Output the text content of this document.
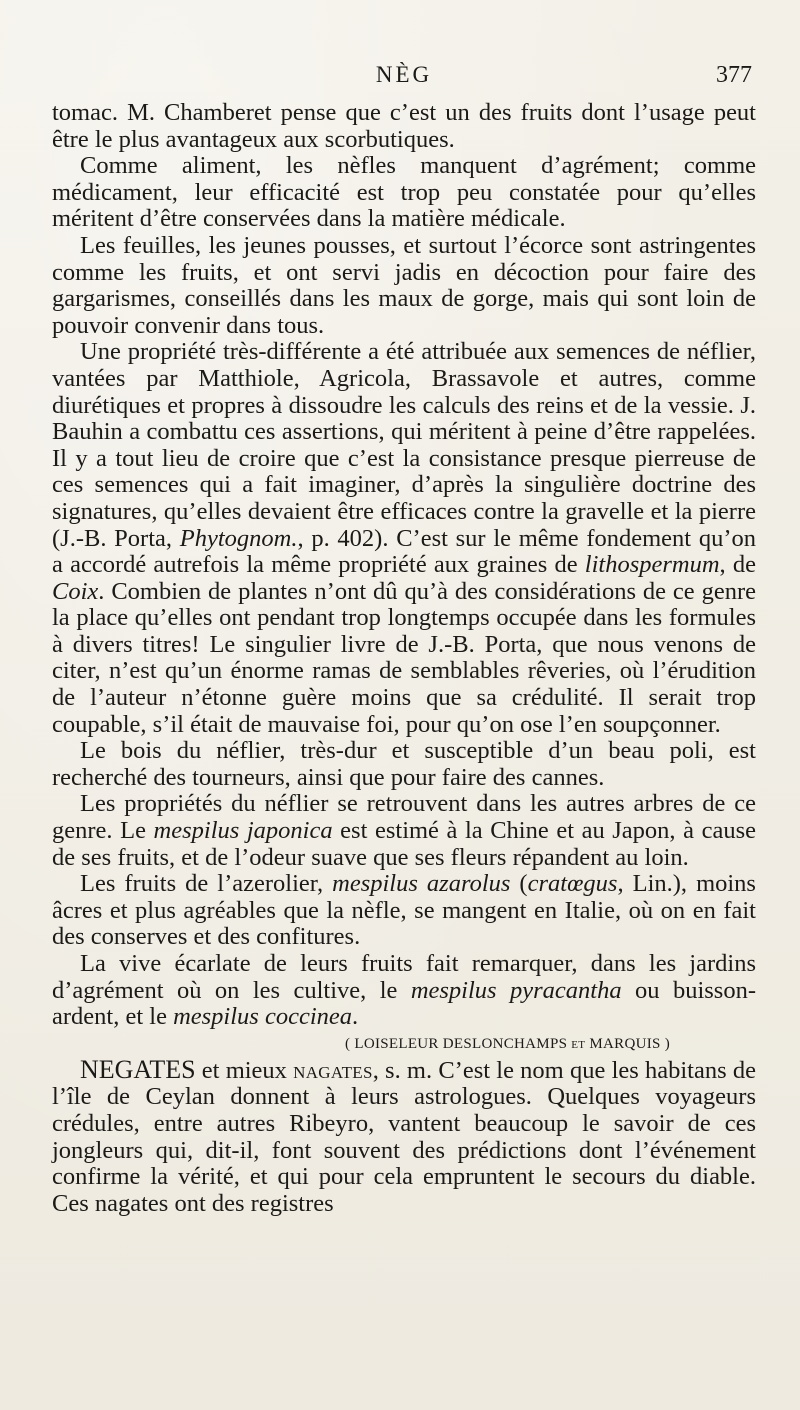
NÈG	377

tomac. M. Chamberet pense que c’est un des fruits dont l’usage peut être le plus avantageux aux scorbutiques.

Comme aliment, les nèfles manquent d’agrément; comme médicament, leur efficacité est trop peu constatée pour qu’elles méritent d’être conservées dans la matière médicale.

Les feuilles, les jeunes pousses, et surtout l’écorce sont astringentes comme les fruits, et ont servi jadis en décoction pour faire des gargarismes, conseillés dans les maux de gorge, mais qui sont loin de pouvoir convenir dans tous.

Une propriété très-différente a été attribuée aux semences de néflier, vantées par Matthiole, Agricola, Brassavole et autres, comme diurétiques et propres à dissoudre les calculs des reins et de la vessie. J. Bauhin a combattu ces assertions, qui méritent à peine d’être rappelées. Il y a tout lieu de croire que c’est la consistance presque pierreuse de ces semences qui a fait imaginer, d’après la singulière doctrine des signatures, qu’elles devaient être efficaces contre la gravelle et la pierre (J.-B. Porta, Phytognom., p. 402). C’est sur le même fondement qu’on a accordé autrefois la même propriété aux graines de lithospermum, de Coix. Combien de plantes n’ont dû qu’à des considérations de ce genre la place qu’elles ont pendant trop longtemps occupée dans les formules à divers titres! Le singulier livre de J.-B. Porta, que nous venons de citer, n’est qu’un énorme ramas de semblables rêveries, où l’érudition de l’auteur n’étonne guère moins que sa crédulité. Il serait trop coupable, s’il était de mauvaise foi, pour qu’on ose l’en soupçonner.

Le bois du néflier, très-dur et susceptible d’un beau poli, est recherché des tourneurs, ainsi que pour faire des cannes.

Les propriétés du néflier se retrouvent dans les autres arbres de ce genre. Le mespilus japonica est estimé à la Chine et au Japon, à cause de ses fruits, et de l’odeur suave que ses fleurs répandent au loin.

Les fruits de l’azerolier, mespilus azarolus (cratœgus, Lin.), moins âcres et plus agréables que la nèfle, se mangent en Italie, où on en fait des conserves et des confitures.

La vive écarlate de leurs fruits fait remarquer, dans les jardins d’agrément où on les cultive, le mespilus pyracantha ou buisson-ardent, et le mespilus coccinea.

( LOISELEUR DESLONCHAMPS et MARQUIS )

NEGATES et mieux nagates, s. m. C’est le nom que les habitans de l’île de Ceylan donnent à leurs astrologues. Quelques voyageurs crédules, entre autres Ribeyro, vantent beaucoup le savoir de ces jongleurs qui, dit-il, font souvent des prédictions dont l’événement confirme la vérité, et qui pour cela empruntent le secours du diable. Ces nagates ont des registres
